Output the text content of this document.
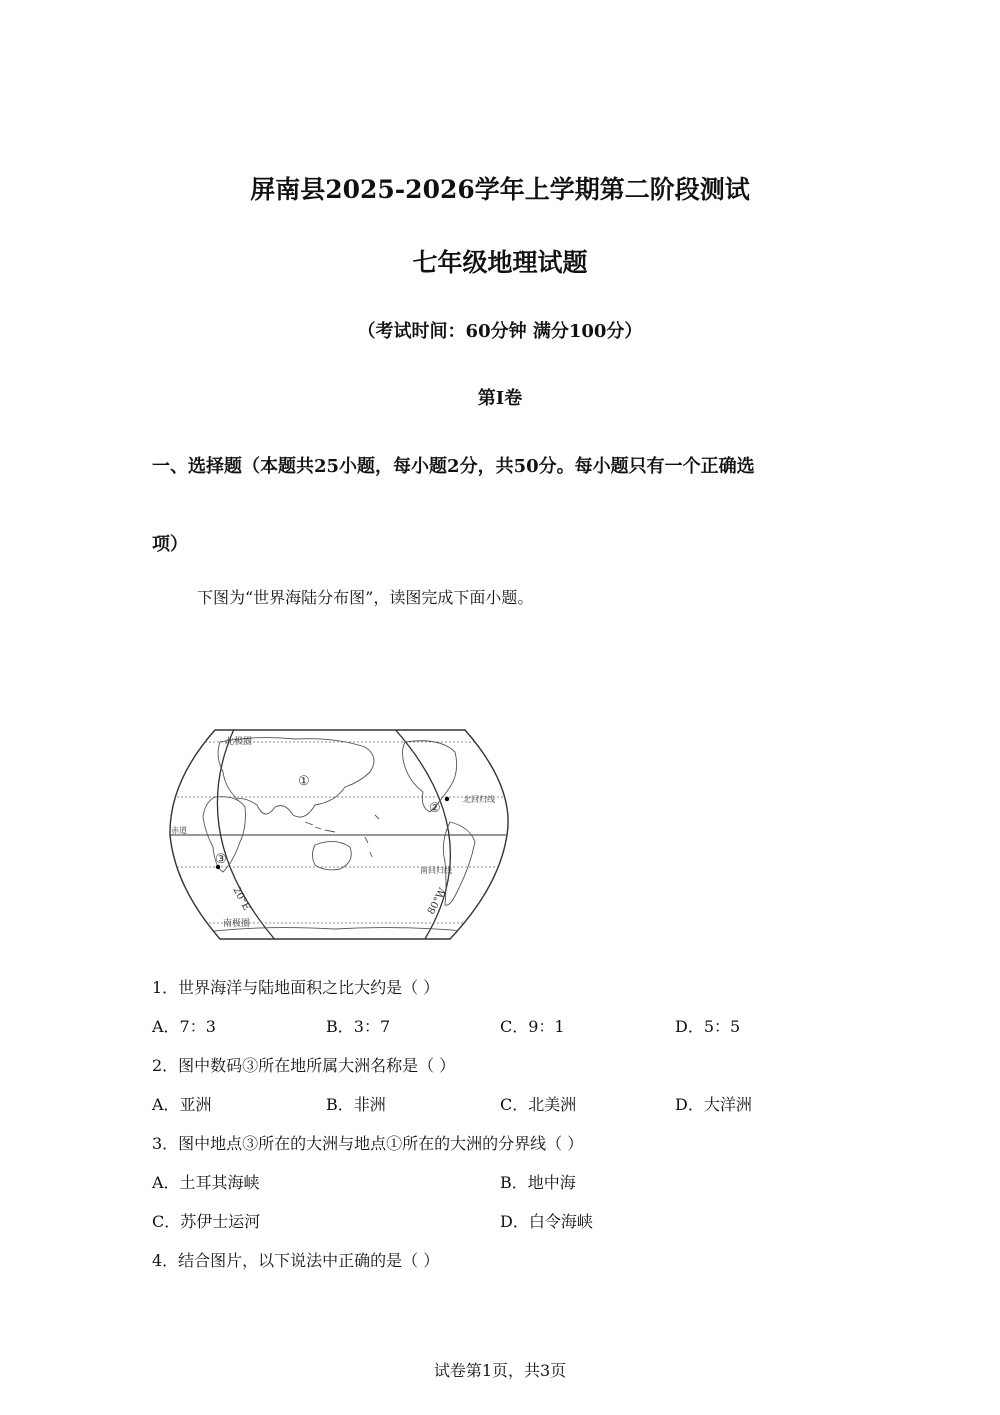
屏南县2025-2026学年上学期第二阶段测试
七年级地理试题
（考试时间：60分钟 满分100分）
第Ⅰ卷
一、选择题（本题共25小题，每小题2分，共50分。每小题只有一个正确选
项）
下图为“世界海陆分布图”，读图完成下面小题。
北极圈
北回归线
赤道
南回归线
南极圈
20°E	80°W
①
②
③
1．世界海洋与陆地面积之比大约是（ ）
A．7：3	B．3：7	C．9：1	D．5：5
2．图中数码③所在地所属大洲名称是（ ）
A．亚洲	B．非洲	C．北美洲	D．大洋洲
3．图中地点③所在的大洲与地点①所在的大洲的分界线（ ）
A．土耳其海峡	B．地中海
C．苏伊士运河	D．白令海峡
4．结合图片，以下说法中正确的是（ ）
试卷第1页，共3页
